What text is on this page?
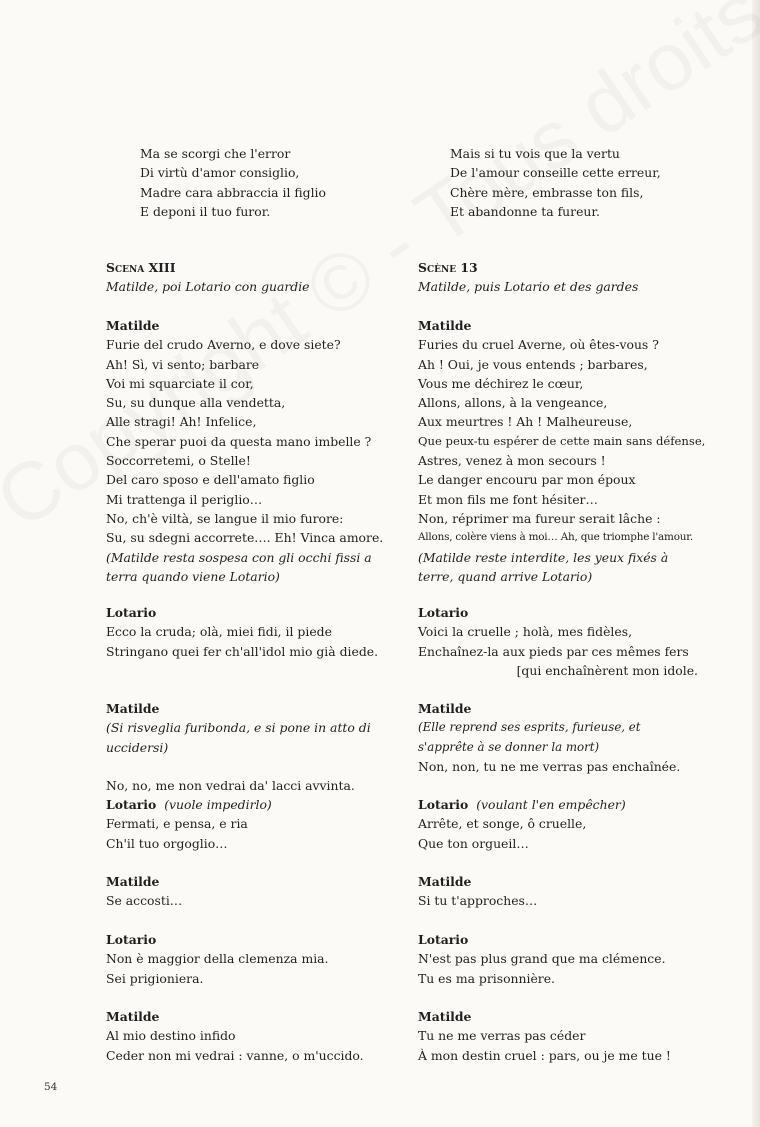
Ma se scorgi che l'error
Di virtù d'amor consiglio,
Madre cara abbraccia il figlio
E deponi il tuo furor.
Scena XIII
Matilde, poi Lotario con guardie
Matilde
Furie del crudo Averno, e dove siete?
Ah! Sì, vi sento; barbare
Voi mi squarciate il cor,
Su, su dunque alla vendetta,
Alle stragi! Ah! Infelice,
Che sperar puoi da questa mano imbelle ?
Soccorretemi, o Stelle!
Del caro sposo e dell'amato figlio
Mi trattenga il periglio…
No, ch'è viltà, se langue il mio furore:
Su, su sdegni accorrete…. Eh! Vinca amore.
(Matilde resta sospesa con gli occhi fissi a terra quando viene Lotario)
Lotario
Ecco la cruda; olà, miei fidi, il piede
Stringano quei fer ch'all'idol mio già diede.
Matilde
(Si risveglia furibonda, e si pone in atto di uccidersi)
No, no, me non vedrai da' lacci avvinta.
Lotario (vuole impedirlo)
Fermati, e pensa, e ria
Ch'il tuo orgoglio…
Matilde
Se accosti…
Lotario
Non è maggior della clemenza mia.
Sei prigioniera.
Matilde
Al mio destino infido
Ceder non mi vedrai : vanne, o m'uccido.
Mais si tu vois que la vertu
De l'amour conseille cette erreur,
Chère mère, embrasse ton fils,
Et abandonne ta fureur.
Scène 13
Matilde, puis Lotario et des gardes
Matilde
Furies du cruel Averne, où êtes-vous ?
Ah ! Oui, je vous entends ; barbares,
Vous me déchirez le cœur,
Allons, allons, à la vengeance,
Aux meurtres ! Ah ! Malheureuse,
Que peux-tu espérer de cette main sans défense,
Astres, venez à mon secours !
Le danger encouru par mon époux
Et mon fils me font hésiter…
Non, réprimer ma fureur serait lâche :
Allons, colère viens à moi… Ah, que triomphe l'amour.
(Matilde reste interdite, les yeux fixés à terre, quand arrive Lotario)
Lotario
Voici la cruelle ; holà, mes fidèles,
Enchaînez-la aux pieds par ces mêmes fers
[qui enchaînèrent mon idole.
Matilde
(Elle reprend ses esprits, furieuse, et s'apprête à se donner la mort)
Non, non, tu ne me verras pas enchaînée.
Lotario (voulant l'en empêcher)
Arrête, et songe, ô cruelle,
Que ton orgueil…
Matilde
Si tu t'approches…
Lotario
N'est pas plus grand que ma clémence.
Tu es ma prisonnière.
Matilde
Tu ne me verras pas céder
À mon destin cruel : pars, ou je me tue !
54
